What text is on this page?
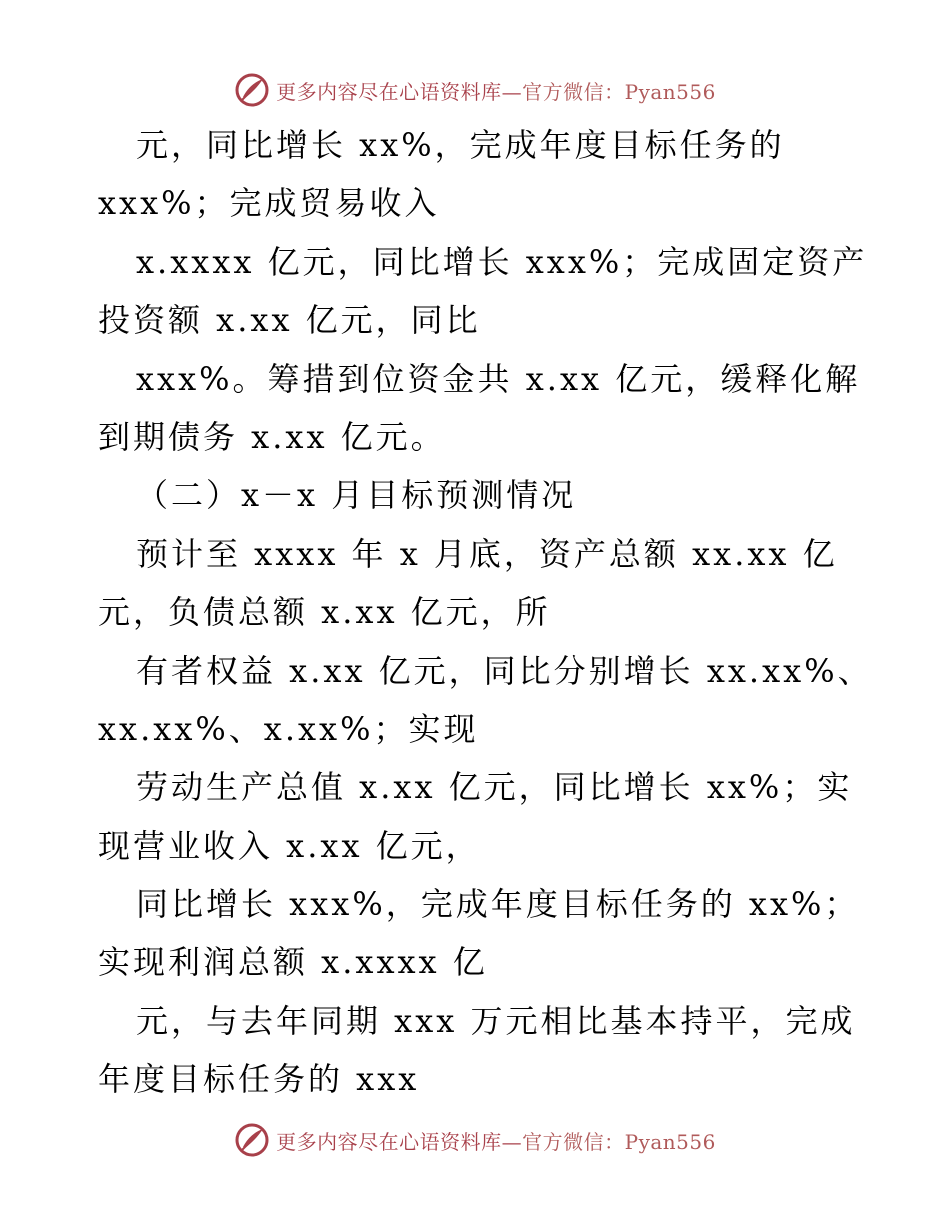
更多内容尽在心语资料库—官方微信：Pyan556
元，同比增长 xx%，完成年度目标任务的
xxx%；完成贸易收入
x.xxxx 亿元，同比增长 xxx%；完成固定资产
投资额 x.xx 亿元，同比
xxx%。筹措到位资金共 x.xx 亿元，缓释化解
到期债务 x.xx 亿元。
（二）x－x 月目标预测情况
预计至 xxxx 年 x 月底，资产总额 xx.xx 亿
元，负债总额 x.xx 亿元，所
有者权益 x.xx 亿元，同比分别增长 xx.xx%、
xx.xx%、x.xx%；实现
劳动生产总值 x.xx 亿元，同比增长 xx%；实
现营业收入 x.xx 亿元，
同比增长 xxx%，完成年度目标任务的 xx%；
实现利润总额 x.xxxx 亿
元，与去年同期 xxx 万元相比基本持平，完成
年度目标任务的 xxx
更多内容尽在心语资料库—官方微信：Pyan556
